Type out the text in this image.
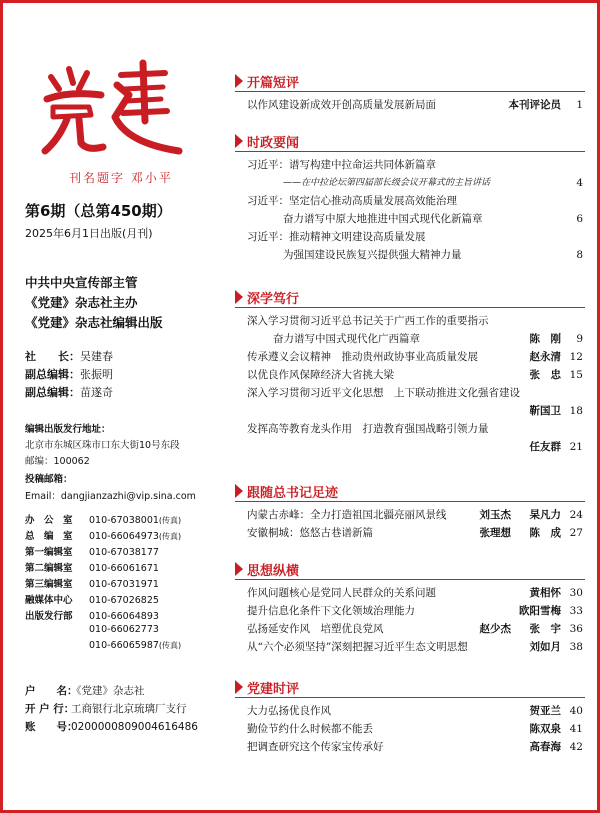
刊名题字 邓小平
第6期（总第450期）
2025年6月1日出版(月刊)
中共中央宣传部主管
《党建》杂志社主办
《党建》杂志社编辑出版
社　　长：吴建春
副总编辑：张振明
副总编辑：苗遂奇
编辑出版发行地址：
北京市东城区珠市口东大街10号东段
邮编：100062
投稿邮箱：
Email：dangjianzazhi@vip.sina.com
办　公　室 010-67038001(传真)
总　编　室 010-66064973(传真)
第一编辑室 010-67038177
第二编辑室 010-66061671
第三编辑室 010-67031971
融媒体中心 010-67026825
出版发行部 010-66064893
010-66062773
010-66065987(传真)
户　　名：《党建》杂志社
开 户 行：工商银行北京琉璃厂支行
账　　号：0200000809004616486
开篇短评
以作风建设新成效开创高质量发展新局面	本刊评论员	1
时政要闻
习近平：谱写构建中拉命运共同体新篇章
——在中拉论坛第四届部长级会议开幕式的主旨讲话	4
习近平：坚定信心推动高质量发展高效能治理
奋力谱写中原大地推进中国式现代化新篇章	6
习近平：推动精神文明建设高质量发展
为强国建设民族复兴提供强大精神力量	8
深学笃行
深入学习贯彻习近平总书记关于广西工作的重要指示
奋力谱写中国式现代化广西篇章	陈　刚	9
传承遵义会议精神　推动贵州政协事业高质量发展	赵永清 12
以优良作风保障经济大省挑大梁	张　忠 15
深入学习贯彻习近平文化思想　上下联动推进文化强省建设
靳国卫 18
发挥高等教育龙头作用　打造教育强国战略引领力量
任友群 21
跟随总书记足迹
内蒙古赤峰：全力打造祖国北疆亮丽风景线	刘玉杰 杲凡力 24
安徽桐城：悠悠古巷谱新篇	张理想 陈　成 27
思想纵横
作风问题核心是党同人民群众的关系问题	黄相怀 30
提升信息化条件下文化领域治理能力	欧阳雪梅 33
弘扬延安作风　培塑优良党风	赵少杰 张　宇 36
从“六个必须坚持”深刻把握习近平生态文明思想	刘如月 38
党建时评
大力弘扬优良作风	贺亚兰 40
勤俭节约什么时候都不能丢	陈双泉 41
把调查研究这个传家宝传承好	高春海 42
